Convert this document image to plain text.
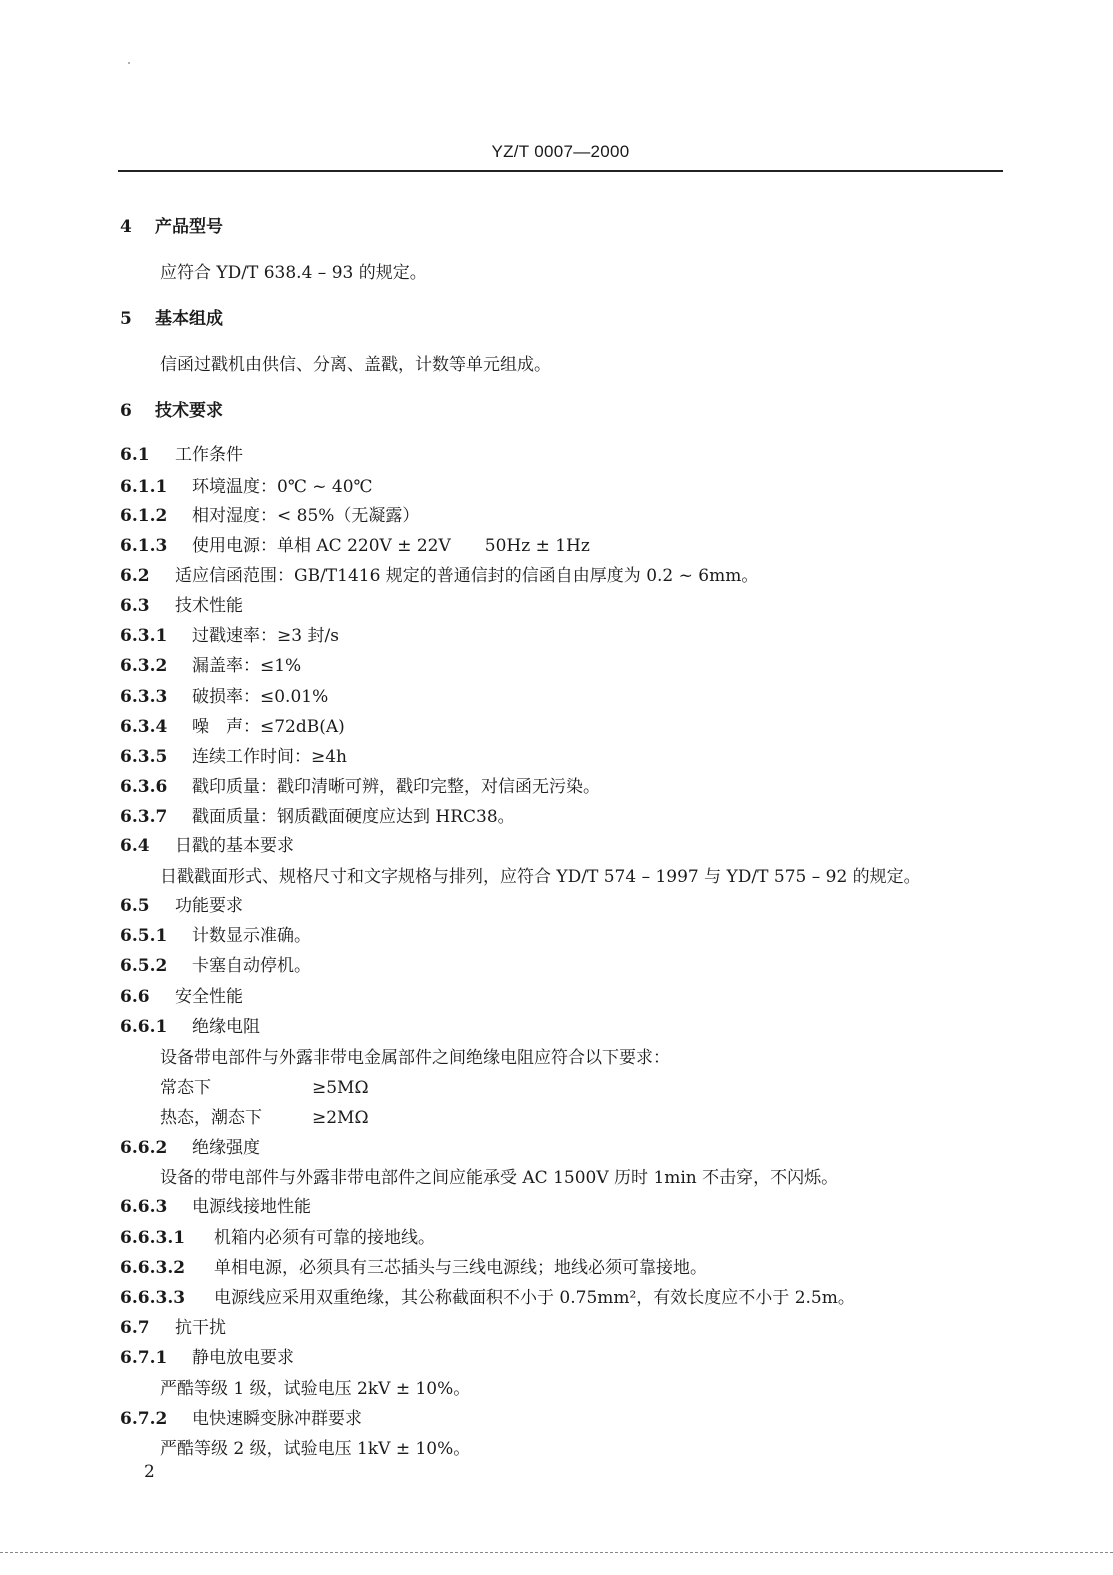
YZ/T 0007—2000
4 产品型号
应符合 YD/T 638.4 – 93 的规定。
5 基本组成
信函过戳机由供信、分离、盖戳，计数等单元组成。
6 技术要求
6.1 工作条件
6.1.1 环境温度：0℃ ~ 40℃
6.1.2 相对湿度：< 85%（无凝露）
6.1.3 使用电源：单相 AC 220V ± 22V　　50Hz ± 1Hz
6.2 适应信函范围：GB/T1416 规定的普通信封的信函自由厚度为 0.2 ~ 6mm。
6.3 技术性能
6.3.1 过戳速率：≥3 封/s
6.3.2 漏盖率：≤1%
6.3.3 破损率：≤0.01%
6.3.4 噪　声：≤72dB(A)
6.3.5 连续工作时间：≥4h
6.3.6 戳印质量：戳印清晰可辨，戳印完整，对信函无污染。
6.3.7 戳面质量：钢质戳面硬度应达到 HRC38。
6.4 日戳的基本要求
日戳戳面形式、规格尺寸和文字规格与排列，应符合 YD/T 574 – 1997 与 YD/T 575 – 92 的规定。
6.5 功能要求
6.5.1 计数显示准确。
6.5.2 卡塞自动停机。
6.6 安全性能
6.6.1 绝缘电阻
设备带电部件与外露非带电金属部件之间绝缘电阻应符合以下要求：
常态下	≥5MΩ
热态，潮态下	≥2MΩ
6.6.2 绝缘强度
设备的带电部件与外露非带电部件之间应能承受 AC 1500V 历时 1min 不击穿，不闪烁。
6.6.3 电源线接地性能
6.6.3.1 机箱内必须有可靠的接地线。
6.6.3.2 单相电源，必须具有三芯插头与三线电源线；地线必须可靠接地。
6.6.3.3 电源线应采用双重绝缘，其公称截面积不小于 0.75mm²，有效长度应不小于 2.5m。
6.7 抗干扰
6.7.1 静电放电要求
严酷等级 1 级，试验电压 2kV ± 10%。
6.7.2 电快速瞬变脉冲群要求
严酷等级 2 级，试验电压 1kV ± 10%。
2
